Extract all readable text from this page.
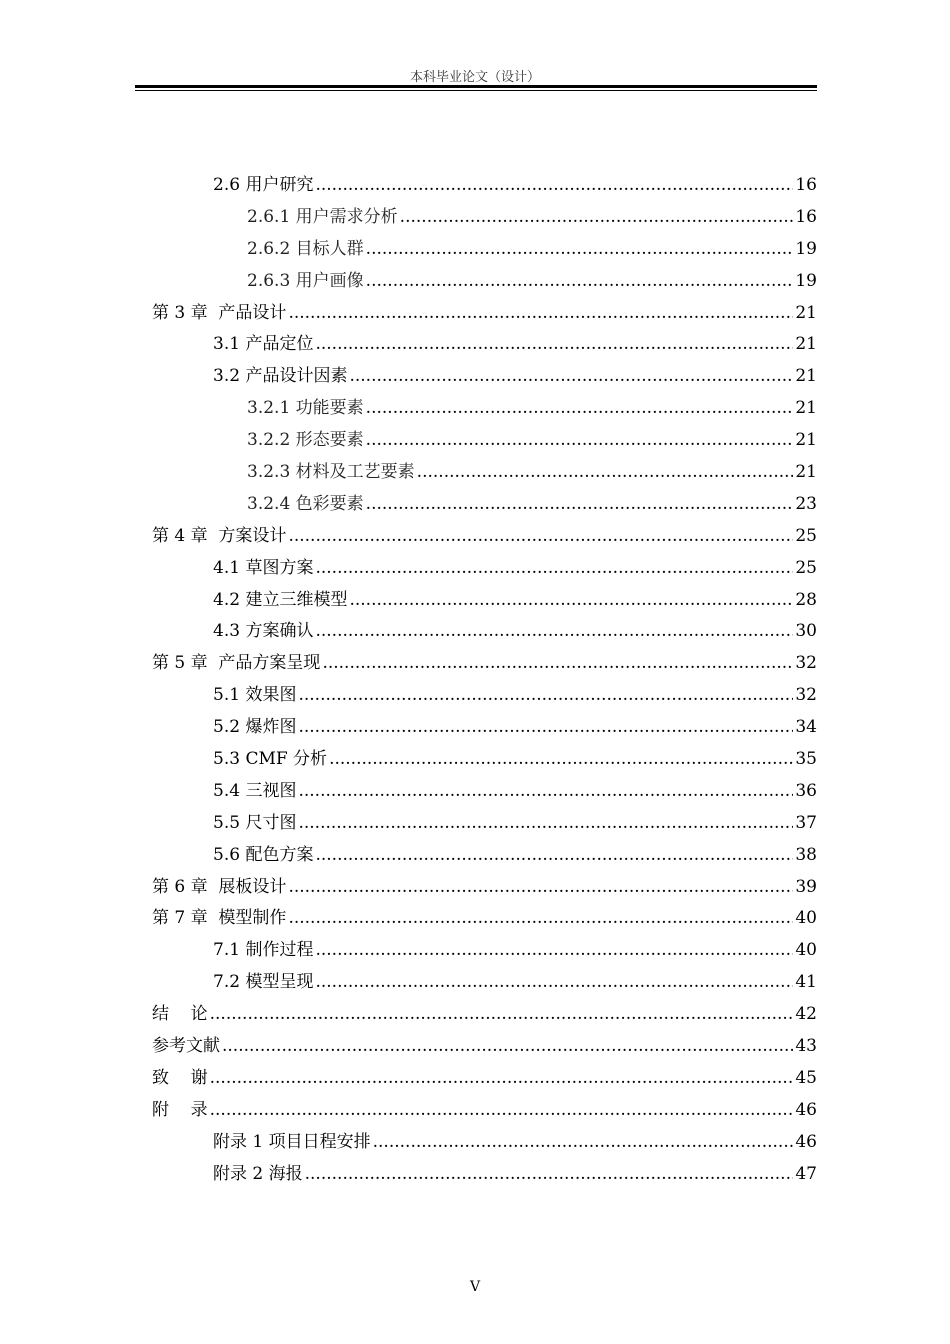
本科毕业论文（设计）
2.6 用户研究 .....	16
2.6.1 用户需求分析 .....	16
2.6.2 目标人群 .....	19
2.6.3 用户画像 .....	19
第 3 章  产品设计 .....	21
3.1 产品定位 .....	21
3.2 产品设计因素 .....	21
3.2.1 功能要素 .....	21
3.2.2 形态要素 .....	21
3.2.3 材料及工艺要素 .....	21
3.2.4 色彩要素 .....	23
第 4 章  方案设计 .....	25
4.1 草图方案 .....	25
4.2 建立三维模型 .....	28
4.3 方案确认 .....	30
第 5 章  产品方案呈现 .....	32
5.1 效果图 .....	32
5.2 爆炸图 .....	34
5.3 CMF 分析 .....	35
5.4 三视图 .....	36
5.5 尺寸图 .....	37
5.6 配色方案 .....	38
第 6 章  展板设计 .....	39
第 7 章  模型制作 .....	40
7.1 制作过程 .....	40
7.2 模型呈现 .....	41
结    论 .....	42
参考文献 .....	43
致    谢 .....	45
附    录 .....	46
附录 1 项目日程安排 .....	46
附录 2 海报 .....	47
V
